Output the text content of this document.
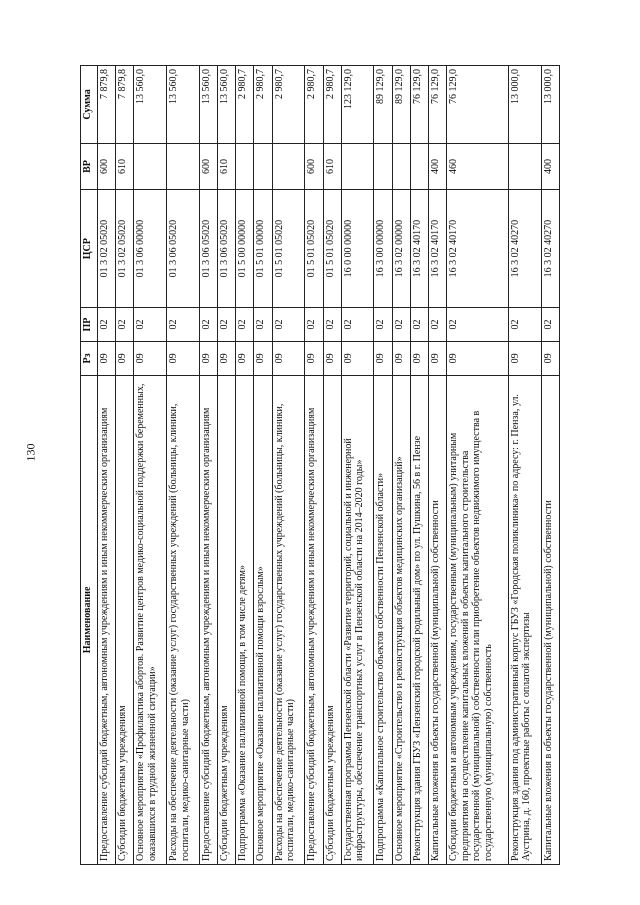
130
Наименование	Рз	ПР	ЦСР	ВР	Сумма
Предоставление субсидий бюджетным, автономным учреждениям и иным некоммерческим организациям	09	02	01 3 02 05020	600	7 879,8
Субсидии бюджетным учреждениям	09	02	01 3 02 05020	610	7 879,8
Основное мероприятие «Профилактика абортов. Развитие центров медико-социальной поддержки беременных, оказавшихся в трудной жизненной ситуации»	09	02	01 3 06 00000		13 560,0
Расходы на обеспечение деятельности (оказание услуг) государственных учреждений (больницы, клиники, госпитали, медико-санитарные части)	09	02	01 3 06 05020		13 560,0
Предоставление субсидий бюджетным, автономным учреждениям и иным некоммерческим организациям	09	02	01 3 06 05020	600	13 560,0
Субсидии бюджетным учреждениям	09	02	01 3 06 05020	610	13 560,0
Подпрограмма «Оказание паллиативной помощи, в том числе детям»	09	02	01 5 00 00000		2 980,7
Основное мероприятие «Оказание паллиативной помощи взрослым»	09	02	01 5 01 00000		2 980,7
Расходы на обеспечение деятельности (оказание услуг) государственных учреждений (больницы, клиники, госпитали, медико-санитарные части)	09	02	01 5 01 05020		2 980,7
Предоставление субсидий бюджетным, автономным учреждениям и иным некоммерческим организациям	09	02	01 5 01 05020	600	2 980,7
Субсидии бюджетным учреждениям	09	02	01 5 01 05020	610	2 980,7
Государственная программа Пензенской области «Развитие территорий, социальной и инженерной инфраструктуры, обеспечение транспортных услуг в Пензенской области на 2014–2020 годы»	09	02	16 0 00 00000		123 129,0
Подпрограмма «Капитальное строительство объектов собственности Пензенской области»	09	02	16 3 00 00000		89 129,0
Основное мероприятие «Строительство и реконструкция объектов медицинских организаций»	09	02	16 3 02 00000		89 129,0
Реконструкция здания ГБУЗ «Пензенский городской родильный дом» по ул. Пушкина, 56 в г. Пензе	09	02	16 3 02 40170		76 129,0
Капитальные вложения в объекты государственной (муниципальной) собственности	09	02	16 3 02 40170	400	76 129,0
Субсидии бюджетным и автономным учреждениям, государственным (муниципальным) унитарным предприятиям на осуществление капитальных вложений в объекты капитального строительства государственной (муниципальной) собственности или приобретение объектов недвижимого имущества в государственную (муниципальную) собственность	09	02	16 3 02 40170	460	76 129,0
Реконструкция здания под административный корпус ГБУЗ «Городская поликлиника» по адресу: г. Пенза, ул. Аустрина, д. 160, проектные работы с оплатой экспертизы	09	02	16 3 02 40270		13 000,0
Капитальные вложения в объекты государственной (муниципальной) собственности	09	02	16 3 02 40270	400	13 000,0
